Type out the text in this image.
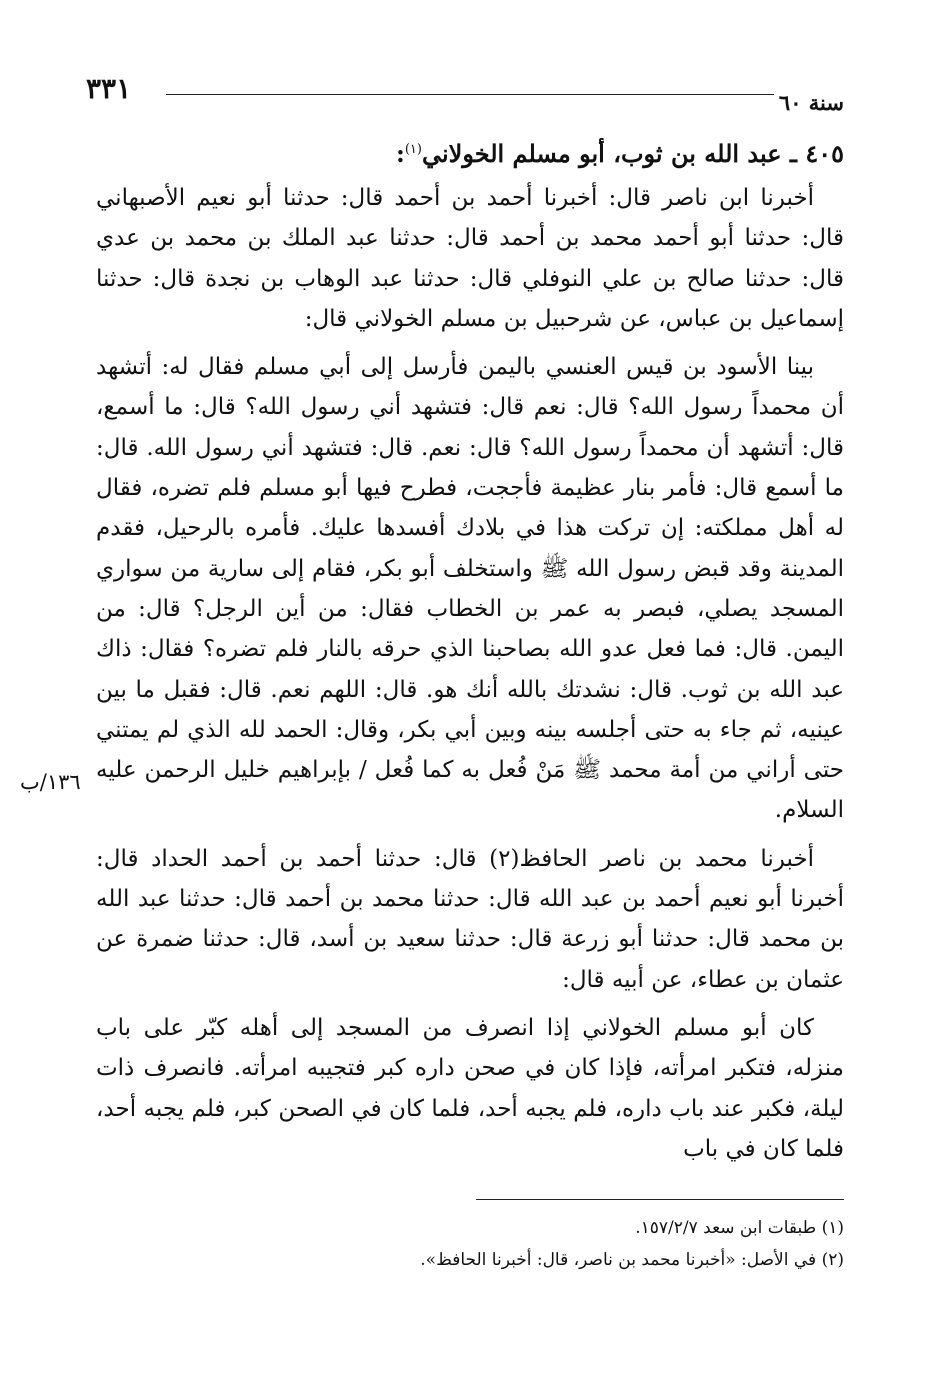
٣٣١	سنة ٦٠

٤٠٥ ـ عبد الله بن ثوب، أبو مسلم الخولاني$^{(١)}$:

أخبرنا ابن ناصر قال: أخبرنا أحمد بن أحمد قال: حدثنا أبو نعيم الأصبهاني قال: حدثنا أبو أحمد محمد بن أحمد قال: حدثنا عبد الملك بن محمد بن عدي قال: حدثنا صالح بن علي النوفلي قال: حدثنا عبد الوهاب بن نجدة قال: حدثنا إسماعيل بن عباس، عن شرحبيل بن مسلم الخولاني قال:

بينا الأسود بن قيس العنسي باليمن فأرسل إلى أبي مسلم فقال له: أتشهد أن محمداً رسول الله؟ قال: نعم قال: فتشهد أني رسول الله؟ قال: ما أسمع، قال: أتشهد أن محمداً رسول الله؟ قال: نعم. قال: فتشهد أني رسول الله. قال: ما أسمع قال: فأمر بنار عظيمة فأججت، فطرح فيها أبو مسلم فلم تضره، فقال له أهل مملكته: إن تركت هذا في بلادك أفسدها عليك. فأمره بالرحيل، فقدم المدينة وقد قبض رسول الله ﷺ واستخلف أبو بكر، فقام إلى سارية من سواري المسجد يصلي، فبصر به عمر بن الخطاب فقال: من أين الرجل؟ قال: من اليمن. قال: فما فعل عدو الله بصاحبنا الذي حرقه بالنار فلم تضره؟ فقال: ذاك عبد الله بن ثوب. قال: نشدتك بالله أنك هو. قال: اللهم نعم. قال: فقبل ما بين عينيه، ثم جاء به حتى أجلسه بينه وبين أبي بكر، وقال: الحمد لله الذي لم يمتني حتى أراني من أمة محمد ﷺ مَنْ فُعل به كما فُعل / بإبراهيم خليل الرحمن عليه السلام.

أخبرنا محمد بن ناصر الحافظ(٢) قال: حدثنا أحمد بن أحمد الحداد قال: أخبرنا أبو نعيم أحمد بن عبد الله قال: حدثنا محمد بن أحمد قال: حدثنا عبد الله بن محمد قال: حدثنا أبو زرعة قال: حدثنا سعيد بن أسد، قال: حدثنا ضمرة عن عثمان بن عطاء، عن أبيه قال:

كان أبو مسلم الخولاني إذا انصرف من المسجد إلى أهله كبّر على باب منزله، فتكبر امرأته، فإذا كان في صحن داره كبر فتجيبه امرأته. فانصرف ذات ليلة، فكبر عند باب داره، فلم يجبه أحد، فلما كان في الصحن كبر، فلم يجبه أحد، فلما كان في باب

١٣٦/ب

(١) طبقات ابن سعد ١٥٧/٢/٧.

(٢) في الأصل: «أخبرنا محمد بن ناصر، قال: أخبرنا الحافظ».
